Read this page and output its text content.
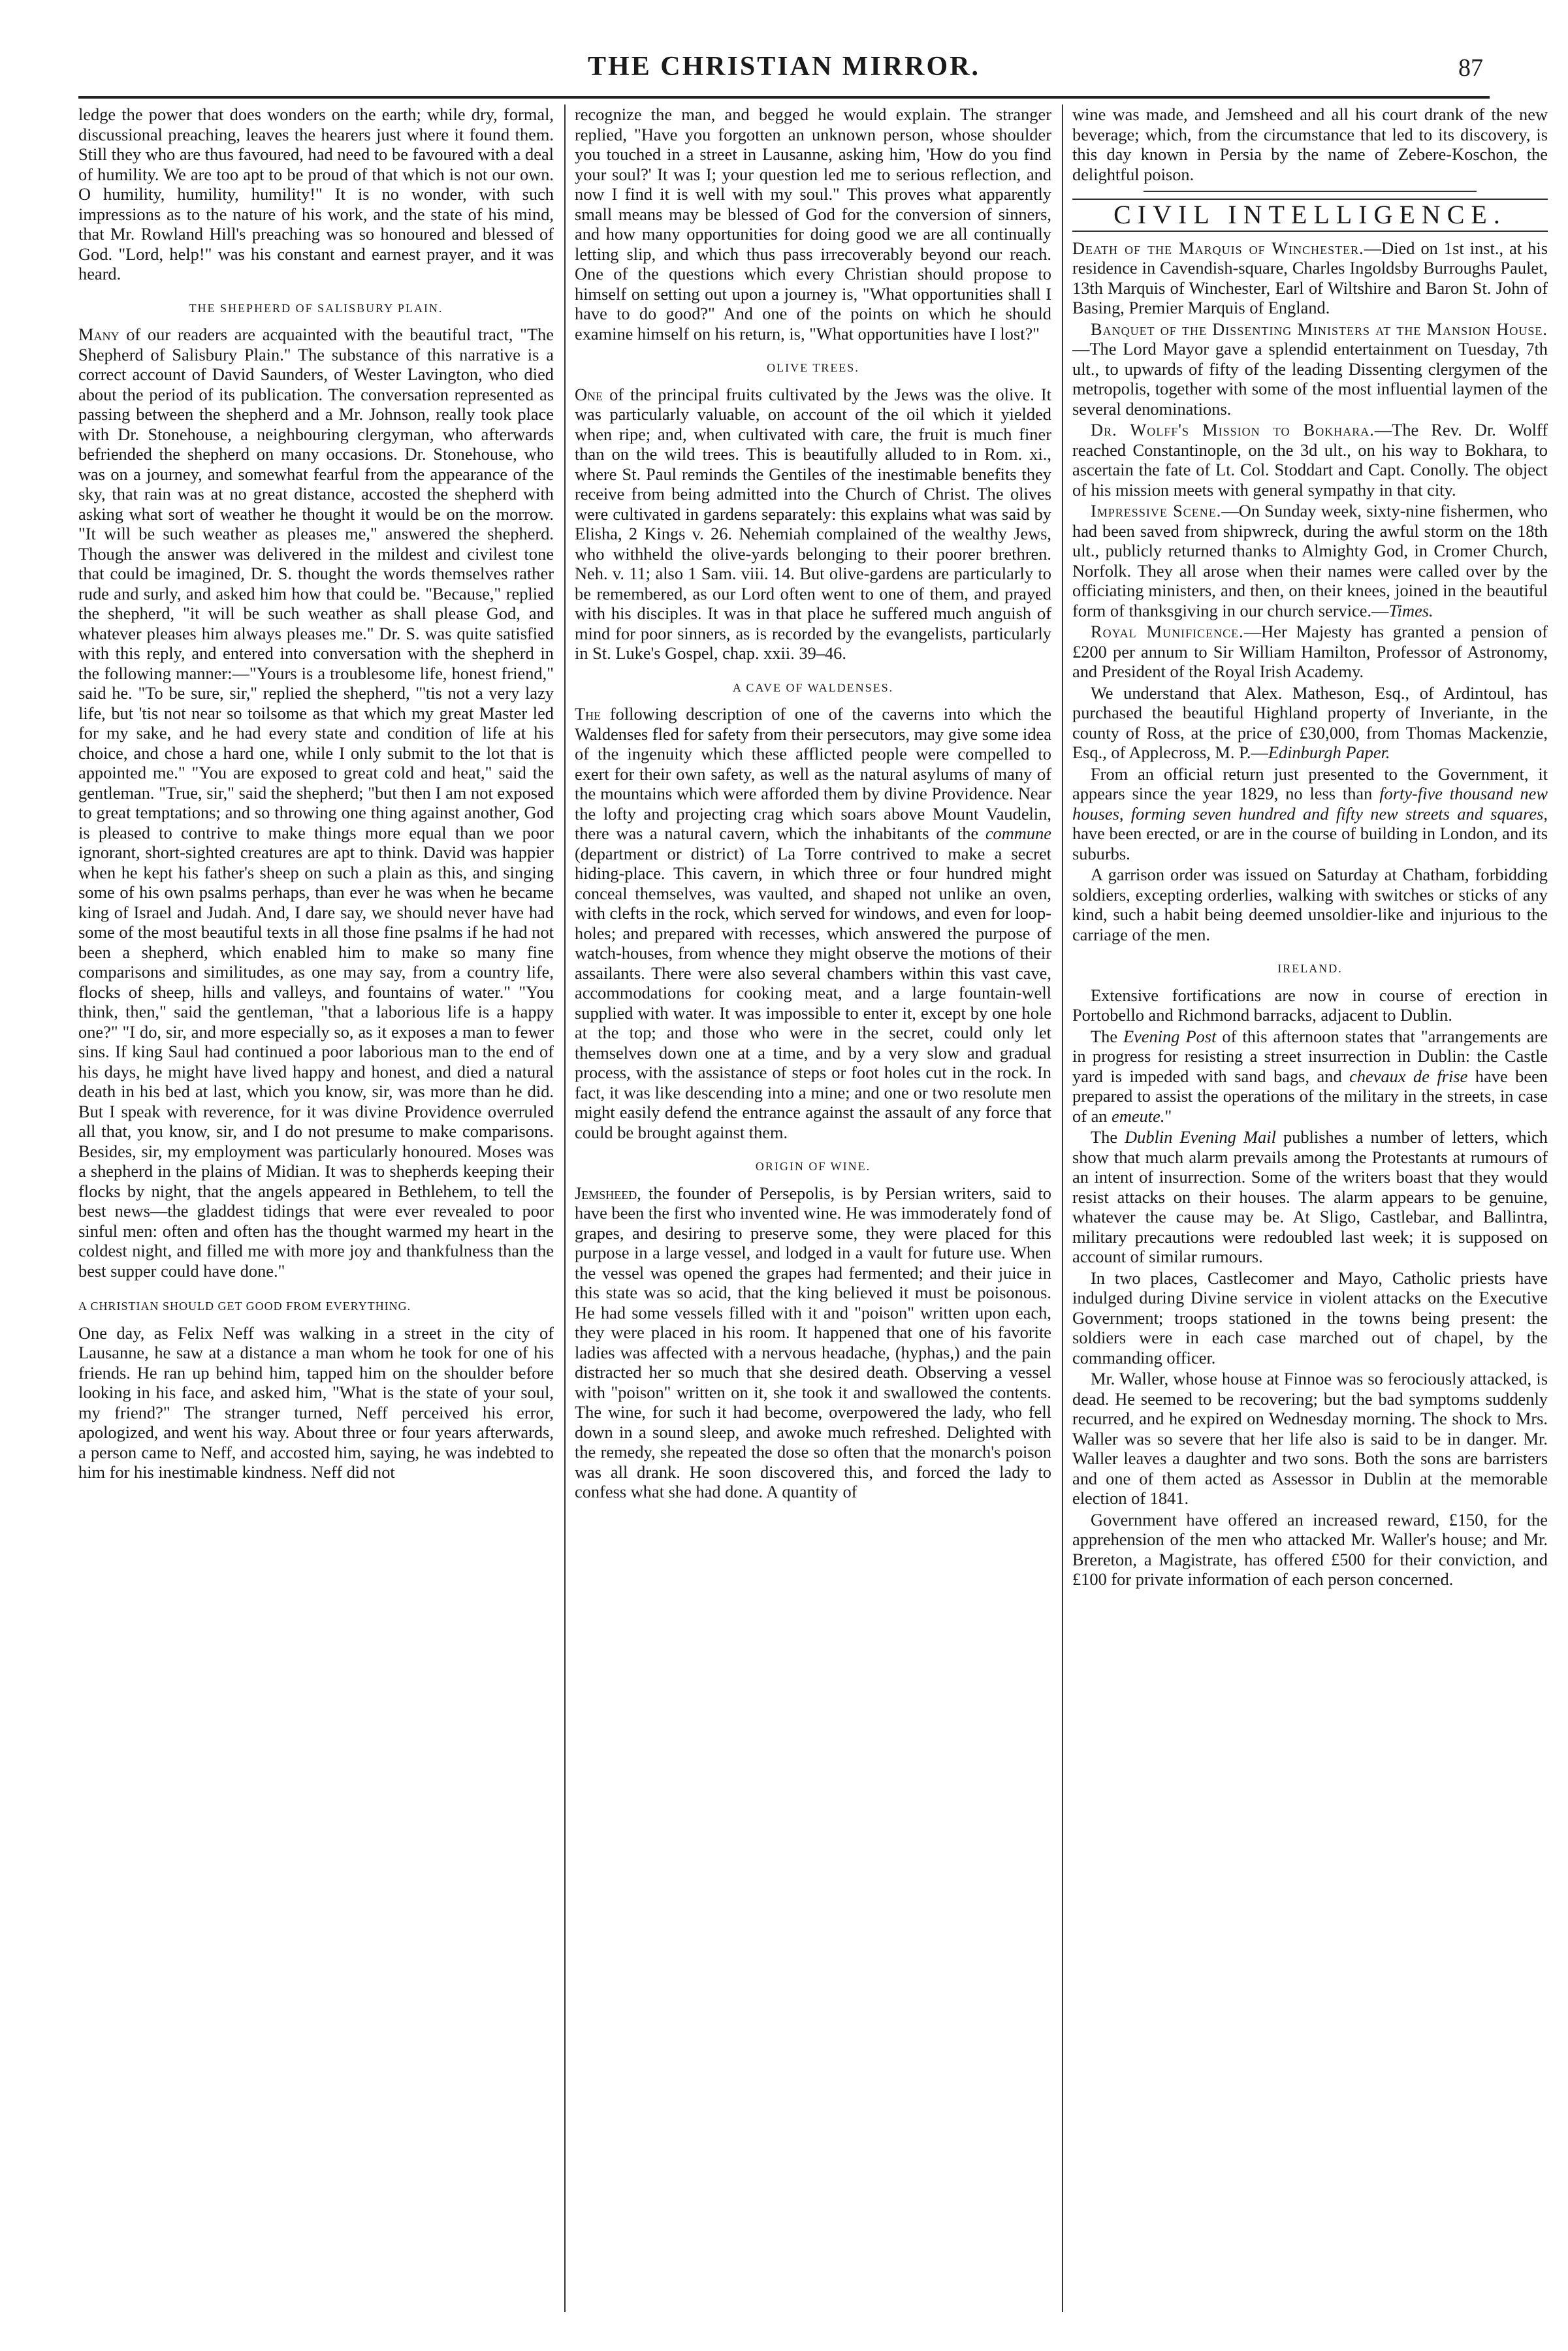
THE CHRISTIAN MIRROR.	87

ledge the power that does wonders on the earth; while dry, formal, discussional preaching, leaves the hearers just where it found them. Still they who are thus favoured, had need to be favoured with a deal of humility. We are too apt to be proud of that which is not our own. O humility, humility, humility!" It is no wonder, with such impressions as to the nature of his work, and the state of his mind, that Mr. Rowland Hill's preaching was so honoured and blessed of God. "Lord, help!" was his constant and earnest prayer, and it was heard.

THE SHEPHERD OF SALISBURY PLAIN.

Many of our readers are acquainted with the beautiful tract, "The Shepherd of Salisbury Plain." The substance of this narrative is a correct account of David Saunders, of Wester Lavington, who died about the period of its publication. The conversation represented as passing between the shepherd and a Mr. Johnson, really took place with Dr. Stonehouse, a neighbouring clergyman, who afterwards befriended the shepherd on many occasions. Dr. Stonehouse, who was on a journey, and somewhat fearful from the appearance of the sky, that rain was at no great distance, accosted the shepherd with asking what sort of weather he thought it would be on the morrow. "It will be such weather as pleases me," answered the shepherd. Though the answer was delivered in the mildest and civilest tone that could be imagined, Dr. S. thought the words themselves rather rude and surly, and asked him how that could be. "Because," replied the shepherd, "it will be such weather as shall please God, and whatever pleases him always pleases me." Dr. S. was quite satisfied with this reply, and entered into conversation with the shepherd in the following manner:—"Yours is a troublesome life, honest friend," said he. "To be sure, sir," replied the shepherd, "'tis not a very lazy life, but 'tis not near so toilsome as that which my great Master led for my sake, and he had every state and condition of life at his choice, and chose a hard one, while I only submit to the lot that is appointed me." "You are exposed to great cold and heat," said the gentleman. "True, sir," said the shepherd; "but then I am not exposed to great temptations; and so throwing one thing against another, God is pleased to contrive to make things more equal than we poor ignorant, short-sighted creatures are apt to think. David was happier when he kept his father's sheep on such a plain as this, and singing some of his own psalms perhaps, than ever he was when he became king of Israel and Judah. And, I dare say, we should never have had some of the most beautiful texts in all those fine psalms if he had not been a shepherd, which enabled him to make so many fine comparisons and similitudes, as one may say, from a country life, flocks of sheep, hills and valleys, and fountains of water." "You think, then," said the gentleman, "that a laborious life is a happy one?" "I do, sir, and more especially so, as it exposes a man to fewer sins. If king Saul had continued a poor laborious man to the end of his days, he might have lived happy and honest, and died a natural death in his bed at last, which you know, sir, was more than he did. But I speak with reverence, for it was divine Providence overruled all that, you know, sir, and I do not presume to make comparisons. Besides, sir, my employment was particularly honoured. Moses was a shepherd in the plains of Midian. It was to shepherds keeping their flocks by night, that the angels appeared in Bethlehem, to tell the best news—the gladdest tidings that were ever revealed to poor sinful men: often and often has the thought warmed my heart in the coldest night, and filled me with more joy and thankfulness than the best supper could have done."

A CHRISTIAN SHOULD GET GOOD FROM EVERYTHING.

One day, as Felix Neff was walking in a street in the city of Lausanne, he saw at a distance a man whom he took for one of his friends. He ran up behind him, tapped him on the shoulder before looking in his face, and asked him, "What is the state of your soul, my friend?" The stranger turned, Neff perceived his error, apologized, and went his way. About three or four years afterwards, a person came to Neff, and accosted him, saying, he was indebted to him for his inestimable kindness. Neff did not

recognize the man, and begged he would explain. The stranger replied, "Have you forgotten an unknown person, whose shoulder you touched in a street in Lausanne, asking him, 'How do you find your soul?' It was I; your question led me to serious reflection, and now I find it is well with my soul." This proves what apparently small means may be blessed of God for the conversion of sinners, and how many opportunities for doing good we are all continually letting slip, and which thus pass irrecoverably beyond our reach. One of the questions which every Christian should propose to himself on setting out upon a journey is, "What opportunities shall I have to do good?" And one of the points on which he should examine himself on his return, is, "What opportunities have I lost?"

OLIVE TREES.

One of the principal fruits cultivated by the Jews was the olive. It was particularly valuable, on account of the oil which it yielded when ripe; and, when cultivated with care, the fruit is much finer than on the wild trees. This is beautifully alluded to in Rom. xi., where St. Paul reminds the Gentiles of the inestimable benefits they receive from being admitted into the Church of Christ. The olives were cultivated in gardens separately: this explains what was said by Elisha, 2 Kings v. 26. Nehemiah complained of the wealthy Jews, who withheld the olive-yards belonging to their poorer brethren. Neh. v. 11; also 1 Sam. viii. 14. But olive-gardens are particularly to be remembered, as our Lord often went to one of them, and prayed with his disciples. It was in that place he suffered much anguish of mind for poor sinners, as is recorded by the evangelists, particularly in St. Luke's Gospel, chap. xxii. 39–46.

A CAVE OF WALDENSES.

The following description of one of the caverns into which the Waldenses fled for safety from their persecutors, may give some idea of the ingenuity which these afflicted people were compelled to exert for their own safety, as well as the natural asylums of many of the mountains which were afforded them by divine Providence. Near the lofty and projecting crag which soars above Mount Vaudelin, there was a natural cavern, which the inhabitants of the commune (department or district) of La Torre contrived to make a secret hiding-place. This cavern, in which three or four hundred might conceal themselves, was vaulted, and shaped not unlike an oven, with clefts in the rock, which served for windows, and even for loop-holes; and prepared with recesses, which answered the purpose of watch-houses, from whence they might observe the motions of their assailants. There were also several chambers within this vast cave, accommodations for cooking meat, and a large fountain-well supplied with water. It was impossible to enter it, except by one hole at the top; and those who were in the secret, could only let themselves down one at a time, and by a very slow and gradual process, with the assistance of steps or foot holes cut in the rock. In fact, it was like descending into a mine; and one or two resolute men might easily defend the entrance against the assault of any force that could be brought against them.

ORIGIN OF WINE.

Jemsheed, the founder of Persepolis, is by Persian writers, said to have been the first who invented wine. He was immoderately fond of grapes, and desiring to preserve some, they were placed for this purpose in a large vessel, and lodged in a vault for future use. When the vessel was opened the grapes had fermented; and their juice in this state was so acid, that the king believed it must be poisonous. He had some vessels filled with it and "poison" written upon each, they were placed in his room. It happened that one of his favorite ladies was affected with a nervous headache, (hyphas,) and the pain distracted her so much that she desired death. Observing a vessel with "poison" written on it, she took it and swallowed the contents. The wine, for such it had become, overpowered the lady, who fell down in a sound sleep, and awoke much refreshed. Delighted with the remedy, she repeated the dose so often that the monarch's poison was all drank. He soon discovered this, and forced the lady to confess what she had done. A quantity of

wine was made, and Jemsheed and all his court drank of the new beverage; which, from the circumstance that led to its discovery, is this day known in Persia by the name of Zebere-Koschon, the delightful poison.

CIVIL INTELLIGENCE.

Death of the Marquis of Winchester.—Died on 1st inst., at his residence in Cavendish-square, Charles Ingoldsby Burroughs Paulet, 13th Marquis of Winchester, Earl of Wiltshire and Baron St. John of Basing, Premier Marquis of England.

Banquet of the Dissenting Ministers at the Mansion House.—The Lord Mayor gave a splendid entertainment on Tuesday, 7th ult., to upwards of fifty of the leading Dissenting clergymen of the metropolis, together with some of the most influential laymen of the several denominations.

Dr. Wolff's Mission to Bokhara.—The Rev. Dr. Wolff reached Constantinople, on the 3d ult., on his way to Bokhara, to ascertain the fate of Lt. Col. Stoddart and Capt. Conolly. The object of his mission meets with general sympathy in that city.

Impressive Scene.—On Sunday week, sixty-nine fishermen, who had been saved from shipwreck, during the awful storm on the 18th ult., publicly returned thanks to Almighty God, in Cromer Church, Norfolk. They all arose when their names were called over by the officiating ministers, and then, on their knees, joined in the beautiful form of thanksgiving in our church service.—Times.

Royal Munificence.—Her Majesty has granted a pension of £200 per annum to Sir William Hamilton, Professor of Astronomy, and President of the Royal Irish Academy.

We understand that Alex. Matheson, Esq., of Ardintoul, has purchased the beautiful Highland property of Inveriante, in the county of Ross, at the price of £30,000, from Thomas Mackenzie, Esq., of Applecross, M. P.—Edinburgh Paper.

From an official return just presented to the Government, it appears since the year 1829, no less than forty-five thousand new houses, forming seven hundred and fifty new streets and squares, have been erected, or are in the course of building in London, and its suburbs.

A garrison order was issued on Saturday at Chatham, forbidding soldiers, excepting orderlies, walking with switches or sticks of any kind, such a habit being deemed unsoldier-like and injurious to the carriage of the men.

IRELAND.

Extensive fortifications are now in course of erection in Portobello and Richmond barracks, adjacent to Dublin.

The Evening Post of this afternoon states that "arrangements are in progress for resisting a street insurrection in Dublin: the Castle yard is impeded with sand bags, and chevaux de frise have been prepared to assist the operations of the military in the streets, in case of an emeute."

The Dublin Evening Mail publishes a number of letters, which show that much alarm prevails among the Protestants at rumours of an intent of insurrection. Some of the writers boast that they would resist attacks on their houses. The alarm appears to be genuine, whatever the cause may be. At Sligo, Castlebar, and Ballintra, military precautions were redoubled last week; it is supposed on account of similar rumours.

In two places, Castlecomer and Mayo, Catholic priests have indulged during Divine service in violent attacks on the Executive Government; troops stationed in the towns being present: the soldiers were in each case marched out of chapel, by the commanding officer.

Mr. Waller, whose house at Finnoe was so ferociously attacked, is dead. He seemed to be recovering; but the bad symptoms suddenly recurred, and he expired on Wednesday morning. The shock to Mrs. Waller was so severe that her life also is said to be in danger. Mr. Waller leaves a daughter and two sons. Both the sons are barristers and one of them acted as Assessor in Dublin at the memorable election of 1841.

Government have offered an increased reward, £150, for the apprehension of the men who attacked Mr. Waller's house; and Mr. Brereton, a Magistrate, has offered £500 for their conviction, and £100 for private information of each person concerned.
